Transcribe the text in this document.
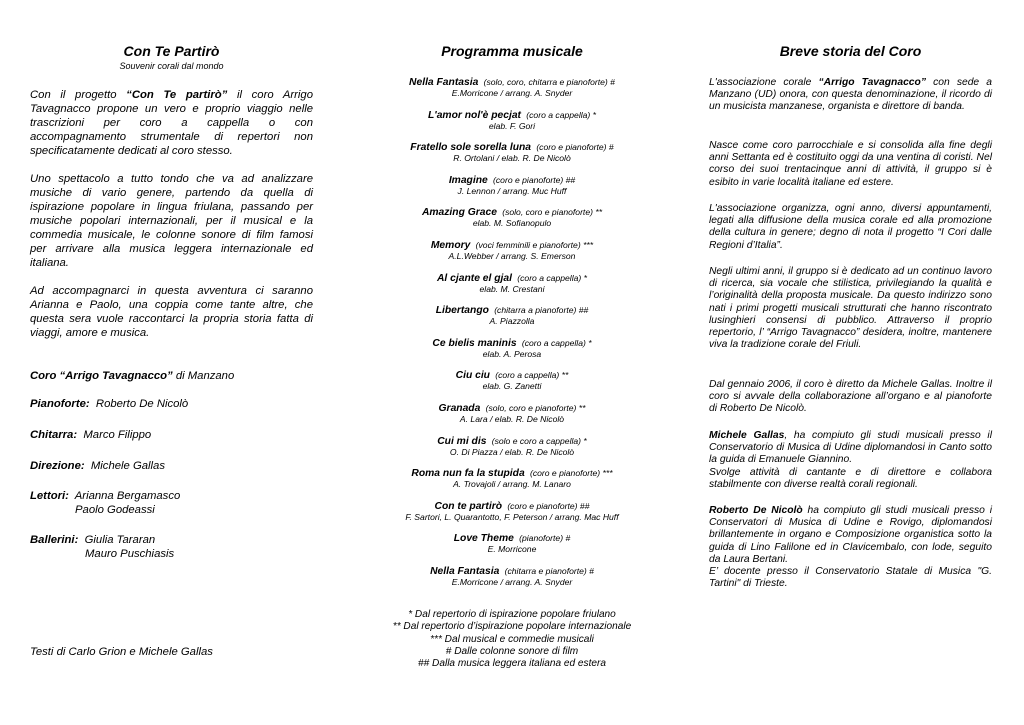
Con Te Partirò
Souvenir corali dal mondo

Con il progetto “Con Te partirò” il coro Arrigo Tavagnacco propone un vero e proprio viaggio nelle trascrizioni per coro a cappella o con accompagnamento strumentale di repertori non specificatamente dedicati al coro stesso.

Uno spettacolo a tutto tondo che va ad analizzare musiche di vario genere, partendo da quella di ispirazione popolare in lingua friulana, passando per musiche popolari internazionali, per il musical e la commedia musicale, le colonne sonore di film famosi per arrivare alla musica leggera internazionale ed italiana.

Ad accompagnarci in questa avventura ci saranno Arianna e Paolo, una coppia come tante altre, che questa sera vuole raccontarci la propria storia fatta di viaggi, amore e musica.

Coro “Arrigo Tavagnacco” di Manzano
Pianoforte: Roberto De Nicolò
Chitarra: Marco Filippo
Direzione: Michele Gallas
Lettori: Arianna Bergamasco
Paolo Godeassi
Ballerini: Giulia Tararan
Mauro Puschiasis
Testi di Carlo Grion e Michele Gallas
Programma musicale
Nella Fantasia (solo, coro, chitarra e pianoforte) #
E.Morricone / arrang. A. Snyder
L'amor nol'è pecjat (coro a cappella) *
elab. F. Gori
Fratello sole sorella luna (coro e pianoforte) #
R. Ortolani / elab. R. De Nicolò
Imagine (coro e pianoforte) ##
J. Lennon / arrang. Muc Huff
Amazing Grace (solo, coro e pianoforte) **
elab. M. Sofianopulo
Memory (voci femminili e pianoforte) ***
A.L.Webber / arrang. S. Emerson
Al cjante el gjal (coro a cappella) *
elab. M. Crestani
Libertango (chitarra a pianoforte) ##
A. Piazzolla
Ce bielis maninis (coro a cappella) *
elab. A. Perosa
Ciu ciu (coro a cappella) **
elab. G. Zanetti
Granada (solo, coro e pianoforte) **
A. Lara / elab. R. De Nicolò
Cui mi dis (solo e coro a cappella) *
O. Di Piazza / elab. R. De Nicolò
Roma nun fa la stupida (coro e pianoforte) ***
A. Trovajoli / arrang. M. Lanaro
Con te partirò (coro e pianoforte) ##
F. Sartori, L. Quarantotto, F. Peterson / arrang. Mac Huff
Love Theme (pianoforte) #
E. Morricone
Nella Fantasia (chitarra e pianoforte) #
E.Morricone / arrang. A. Snyder
* Dal repertorio di ispirazione popolare friulano
** Dal repertorio d’ispirazione popolare internazionale
*** Dal musical e commedie musicali
# Dalle colonne sonore di film
## Dalla musica leggera italiana ed estera
Breve storia del Coro

L'associazione corale “Arrigo Tavagnacco” con sede a Manzano (UD) onora, con questa denominazione, il ricordo di un musicista manzanese, organista e direttore di banda.

Nasce come coro parrocchiale e si consolida alla fine degli anni Settanta ed è costituito oggi da una ventina di coristi. Nel corso dei suoi trentacinque anni di attività, il gruppo si è esibito in varie località italiane ed estere.

L'associazione organizza, ogni anno, diversi appuntamenti, legati alla diffusione della musica corale ed alla promozione della cultura in genere; degno di nota il progetto “I Cori dalle Regioni d’Italia”.

Negli ultimi anni, il gruppo si è dedicato ad un continuo lavoro di ricerca, sia vocale che stilistica, privilegiando la qualità e l’originalità della proposta musicale. Da questo indirizzo sono nati i primi progetti musicali strutturati che hanno riscontrato lusinghieri consensi di pubblico. Attraverso il proprio repertorio, l’ “Arrigo Tavagnacco” desidera, inoltre, mantenere viva la tradizione corale del Friuli.

Dal gennaio 2006, il coro è diretto da Michele Gallas. Inoltre il coro si avvale della collaborazione all’organo e al pianoforte di Roberto De Nicolò.

Michele Gallas, ha compiuto gli studi musicali presso il Conservatorio di Musica di Udine diplomandosi in Canto sotto la guida di Emanuele Giannino.
Svolge attività di cantante e di direttore e collabora stabilmente con diverse realtà corali regionali.

Roberto De Nicolò ha compiuto gli studi musicali presso i Conservatori di Musica di Udine e Rovigo, diplomandosi brillantemente in organo e Composizione organistica sotto la guida di Lino Falilone ed in Clavicembalo, con lode, seguito da Laura Bertani.
E’ docente presso il Conservatorio Statale di Musica "G. Tartini" di Trieste.
